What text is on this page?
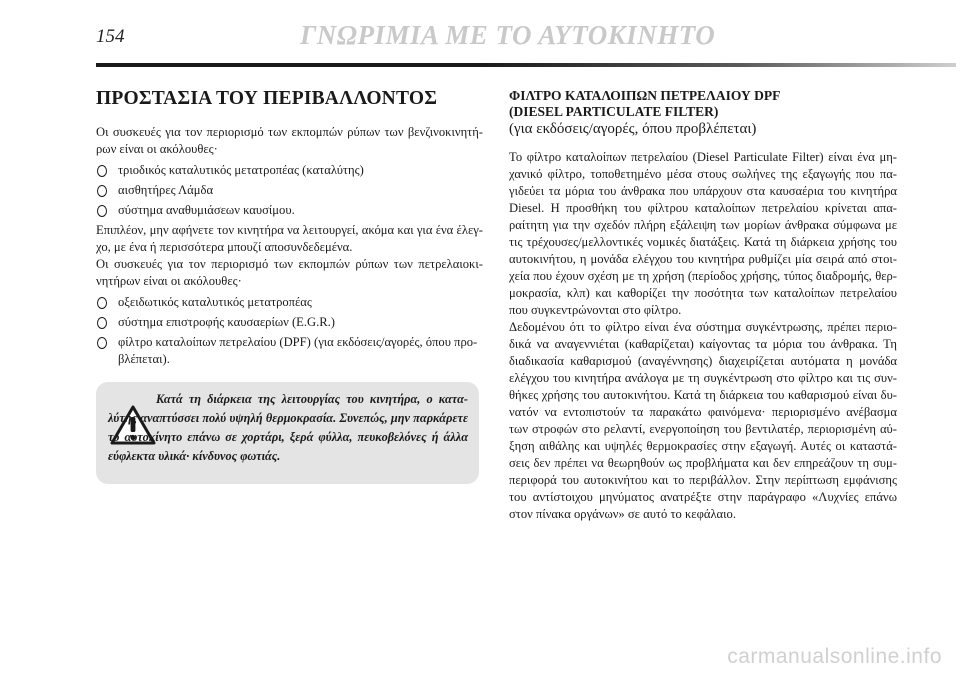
154	ΓΝΩΡΙΜΙΑ ΜΕ ΤΟ ΑΥΤΟΚΙΝΗΤΟ
ΠΡΟΣΤΑΣΙΑ ΤΟΥ ΠΕΡΙΒΑΛΛΟΝΤΟΣ

Οι συσκευές για τον περιορισμό των εκπομπών ρύπων των βενζινοκινητή-ρων είναι οι ακόλουθες·

τριοδικός καταλυτικός μετατροπέας (καταλύτης)
αισθητήρες Λάμδα
σύστημα αναθυμιάσεων καυσίμου.

Επιπλέον, μην αφήνετε τον κινητήρα να λειτουργεί, ακόμα και για ένα έλεγ-χο, με ένα ή περισσότερα μπουζί αποσυνδεδεμένα.

Οι συσκευές για τον περιορισμό των εκπομπών ρύπων των πετρελαιοκι-νητήρων είναι οι ακόλουθες·

οξειδωτικός καταλυτικός μετατροπέας
σύστημα επιστροφής καυσαερίων (E.G.R.)
φίλτρο καταλοίπων πετρελαίου (DPF) (για εκδόσεις/αγορές, όπου προ-βλέπεται).
Κατά τη διάρκεια της λειτουργίας του κινητήρα, ο κατα-λύτης αναπτύσσει πολύ υψηλή θερμοκρασία. Συνεπώς, μην παρκάρετε το αυτοκίνητο επάνω σε χορτάρι, ξερά φύλλα, πευκοβελόνες ή άλλα εύφλεκτα υλικά· κίνδυνος φωτιάς.
ΦΙΛΤΡΟ ΚΑΤΑΛΟΙΠΩΝ ΠΕΤΡΕΛΑΙΟΥ DPF
(DIESEL PARTICULATE FILTER)
(για εκδόσεις/αγορές, όπου προβλέπεται)

Το φίλτρο καταλοίπων πετρελαίου (Diesel Particulate Filter) είναι ένα μη-χανικό φίλτρο, τοποθετημένο μέσα στους σωλήνες της εξαγωγής που πα-γιδεύει τα μόρια του άνθρακα που υπάρχουν στα καυσαέρια του κινητήρα Diesel. Η προσθήκη του φίλτρου καταλοίπων πετρελαίου κρίνεται απα-ραίτητη για την σχεδόν πλήρη εξάλειψη των μορίων άνθρακα σύμφωνα με τις τρέχουσες/μελλοντικές νομικές διατάξεις. Κατά τη διάρκεια χρήσης του αυτοκινήτου, η μονάδα ελέγχου του κινητήρα ρυθμίζει μία σειρά από στοι-χεία που έχουν σχέση με τη χρήση (περίοδος χρήσης, τύπος διαδρομής, θερ-μοκρασία, κλπ) και καθορίζει την ποσότητα των καταλοίπων πετρελαίου που συγκεντρώνονται στο φίλτρο.

Δεδομένου ότι το φίλτρο είναι ένα σύστημα συγκέντρωσης, πρέπει περιο-δικά να αναγεννιέται (καθαρίζεται) καίγοντας τα μόρια του άνθρακα. Τη διαδικασία καθαρισμού (αναγέννησης) διαχειρίζεται αυτόματα η μονάδα ελέγχου του κινητήρα ανάλογα με τη συγκέντρωση στο φίλτρο και τις συν-θήκες χρήσης του αυτοκινήτου. Κατά τη διάρκεια του καθαρισμού είναι δυ-νατόν να εντοπιστούν τα παρακάτω φαινόμενα· περιορισμένο ανέβασμα των στροφών στο ρελαντί, ενεργοποίηση του βεντιλατέρ, περιορισμένη αύ-ξηση αιθάλης και υψηλές θερμοκρασίες στην εξαγωγή. Αυτές οι καταστά-σεις δεν πρέπει να θεωρηθούν ως προβλήματα και δεν επηρεάζουν τη συμ-περιφορά του αυτοκινήτου και το περιβάλλον. Στην περίπτωση εμφάνισης του αντίστοιχου μηνύματος ανατρέξτε στην παράγραφο «Λυχνίες επάνω στον πίνακα οργάνων» σε αυτό το κεφάλαιο.

carmanualsonline.info
